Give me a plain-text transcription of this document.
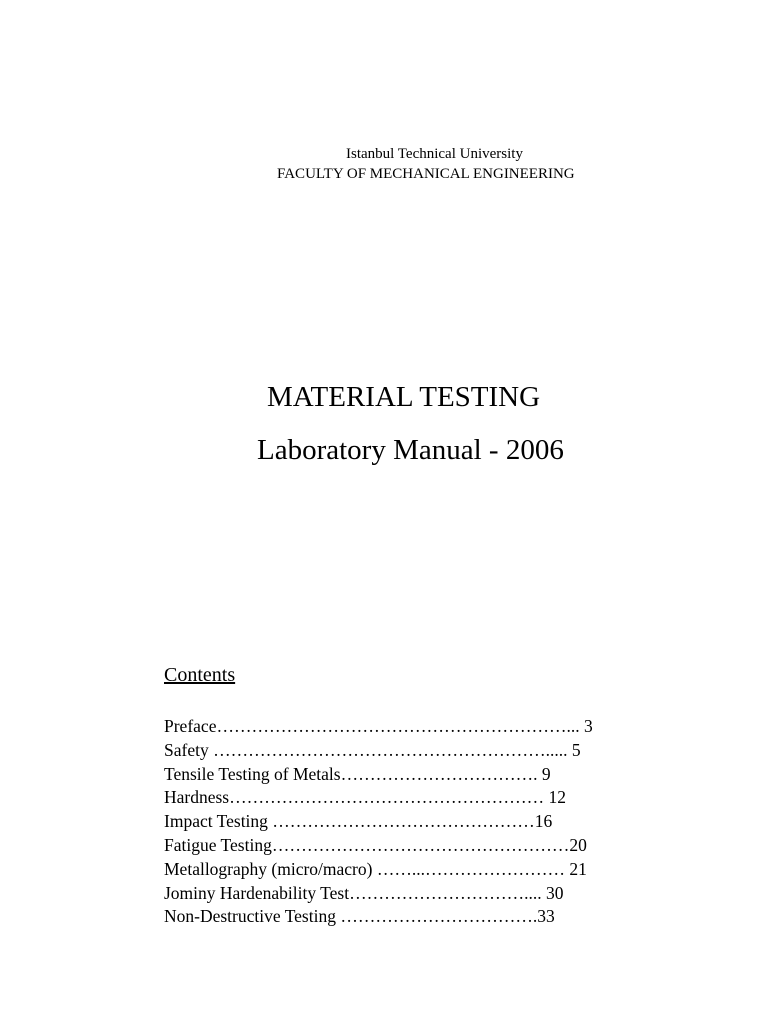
Istanbul Technical University
FACULTY OF MECHANICAL ENGINEERING
MATERIAL TESTING
Laboratory Manual - 2006
Contents
Preface……………………………………………………... 3
Safety …………………………………………………..... 5
Tensile Testing of Metals……………………………. 9
Hardness……………………………………………… 12
Impact Testing ………………………………………16
Fatigue Testing……………………………………………20
Metallography (micro/macro) ……...…………………… 21
Jominy Hardenability Test………………………….... 30
Non-Destructive Testing …………………………….33
